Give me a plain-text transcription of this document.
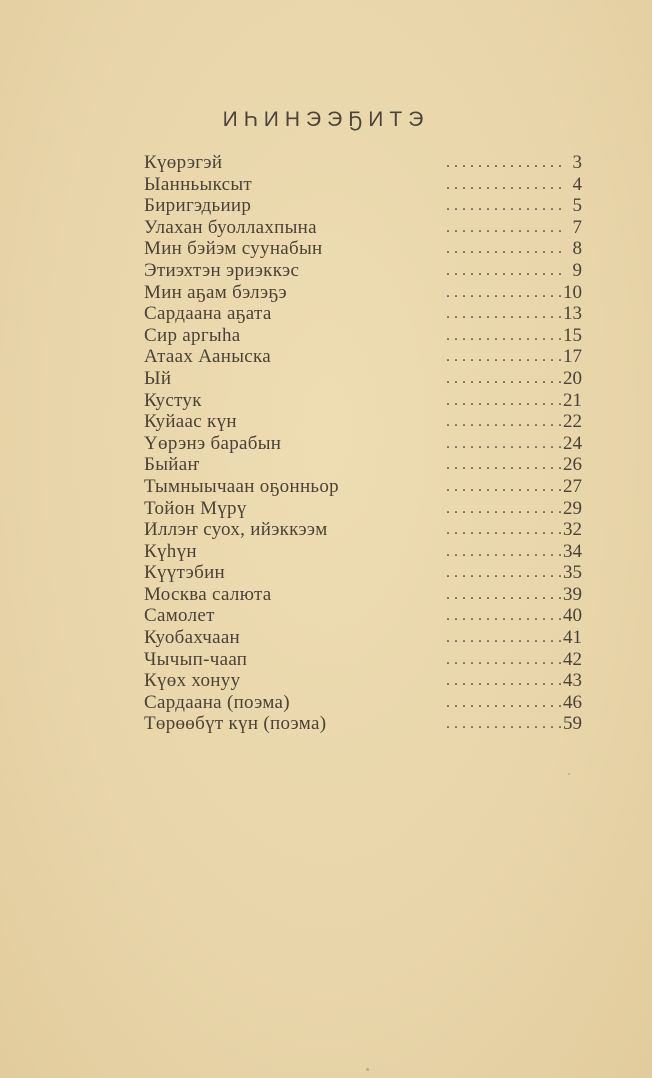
ИҺИНЭЭҔИТЭ
Күөрэгэй	. . . . . . . . . . . . . . . 3
Ыанньыксыт	. . . . . . . . . . . . . . . 4
Биригэдьиир	. . . . . . . . . . . . . . . 5
Улахан буоллахпына	. . . . . . . . . . . . . . . 7
Мин бэйэм суунабын	. . . . . . . . . . . . . . . 8
Этиэхтэн эриэккэс	. . . . . . . . . . . . . . . 9
Мин аҕам бэлэҕэ	. . . . . . . . . . . . . . . 10
Сардаана аҕата	. . . . . . . . . . . . . . . 13
Сир аргыһа	. . . . . . . . . . . . . . . 15
Атаах Ааныска	. . . . . . . . . . . . . . . 17
Ый	. . . . . . . . . . . . . . . 20
Кустук	. . . . . . . . . . . . . . . 21
Куйаас күн	. . . . . . . . . . . . . . . 22
Үөрэнэ барабын	. . . . . . . . . . . . . . . 24
Быйаҥ	. . . . . . . . . . . . . . . 26
Тымныычаан оҕонньор	. . . . . . . . . . . . . . . 27
Тойон Мүрү	. . . . . . . . . . . . . . . 29
Иллэҥ суох, ийэккээм	. . . . . . . . . . . . . . . 32
Күһүн	. . . . . . . . . . . . . . . 34
Күүтэбин	. . . . . . . . . . . . . . . 35
Москва салюта	. . . . . . . . . . . . . . . 39
Самолет	. . . . . . . . . . . . . . . 40
Куобахчаан	. . . . . . . . . . . . . . . 41
Чычып-чаап	. . . . . . . . . . . . . . . 42
Күөх хонуу	. . . . . . . . . . . . . . . 43
Сардаана (поэма)	. . . . . . . . . . . . . . . 46
Төрөөбүт күн (поэма)	. . . . . . . . . . . . . . . 59
